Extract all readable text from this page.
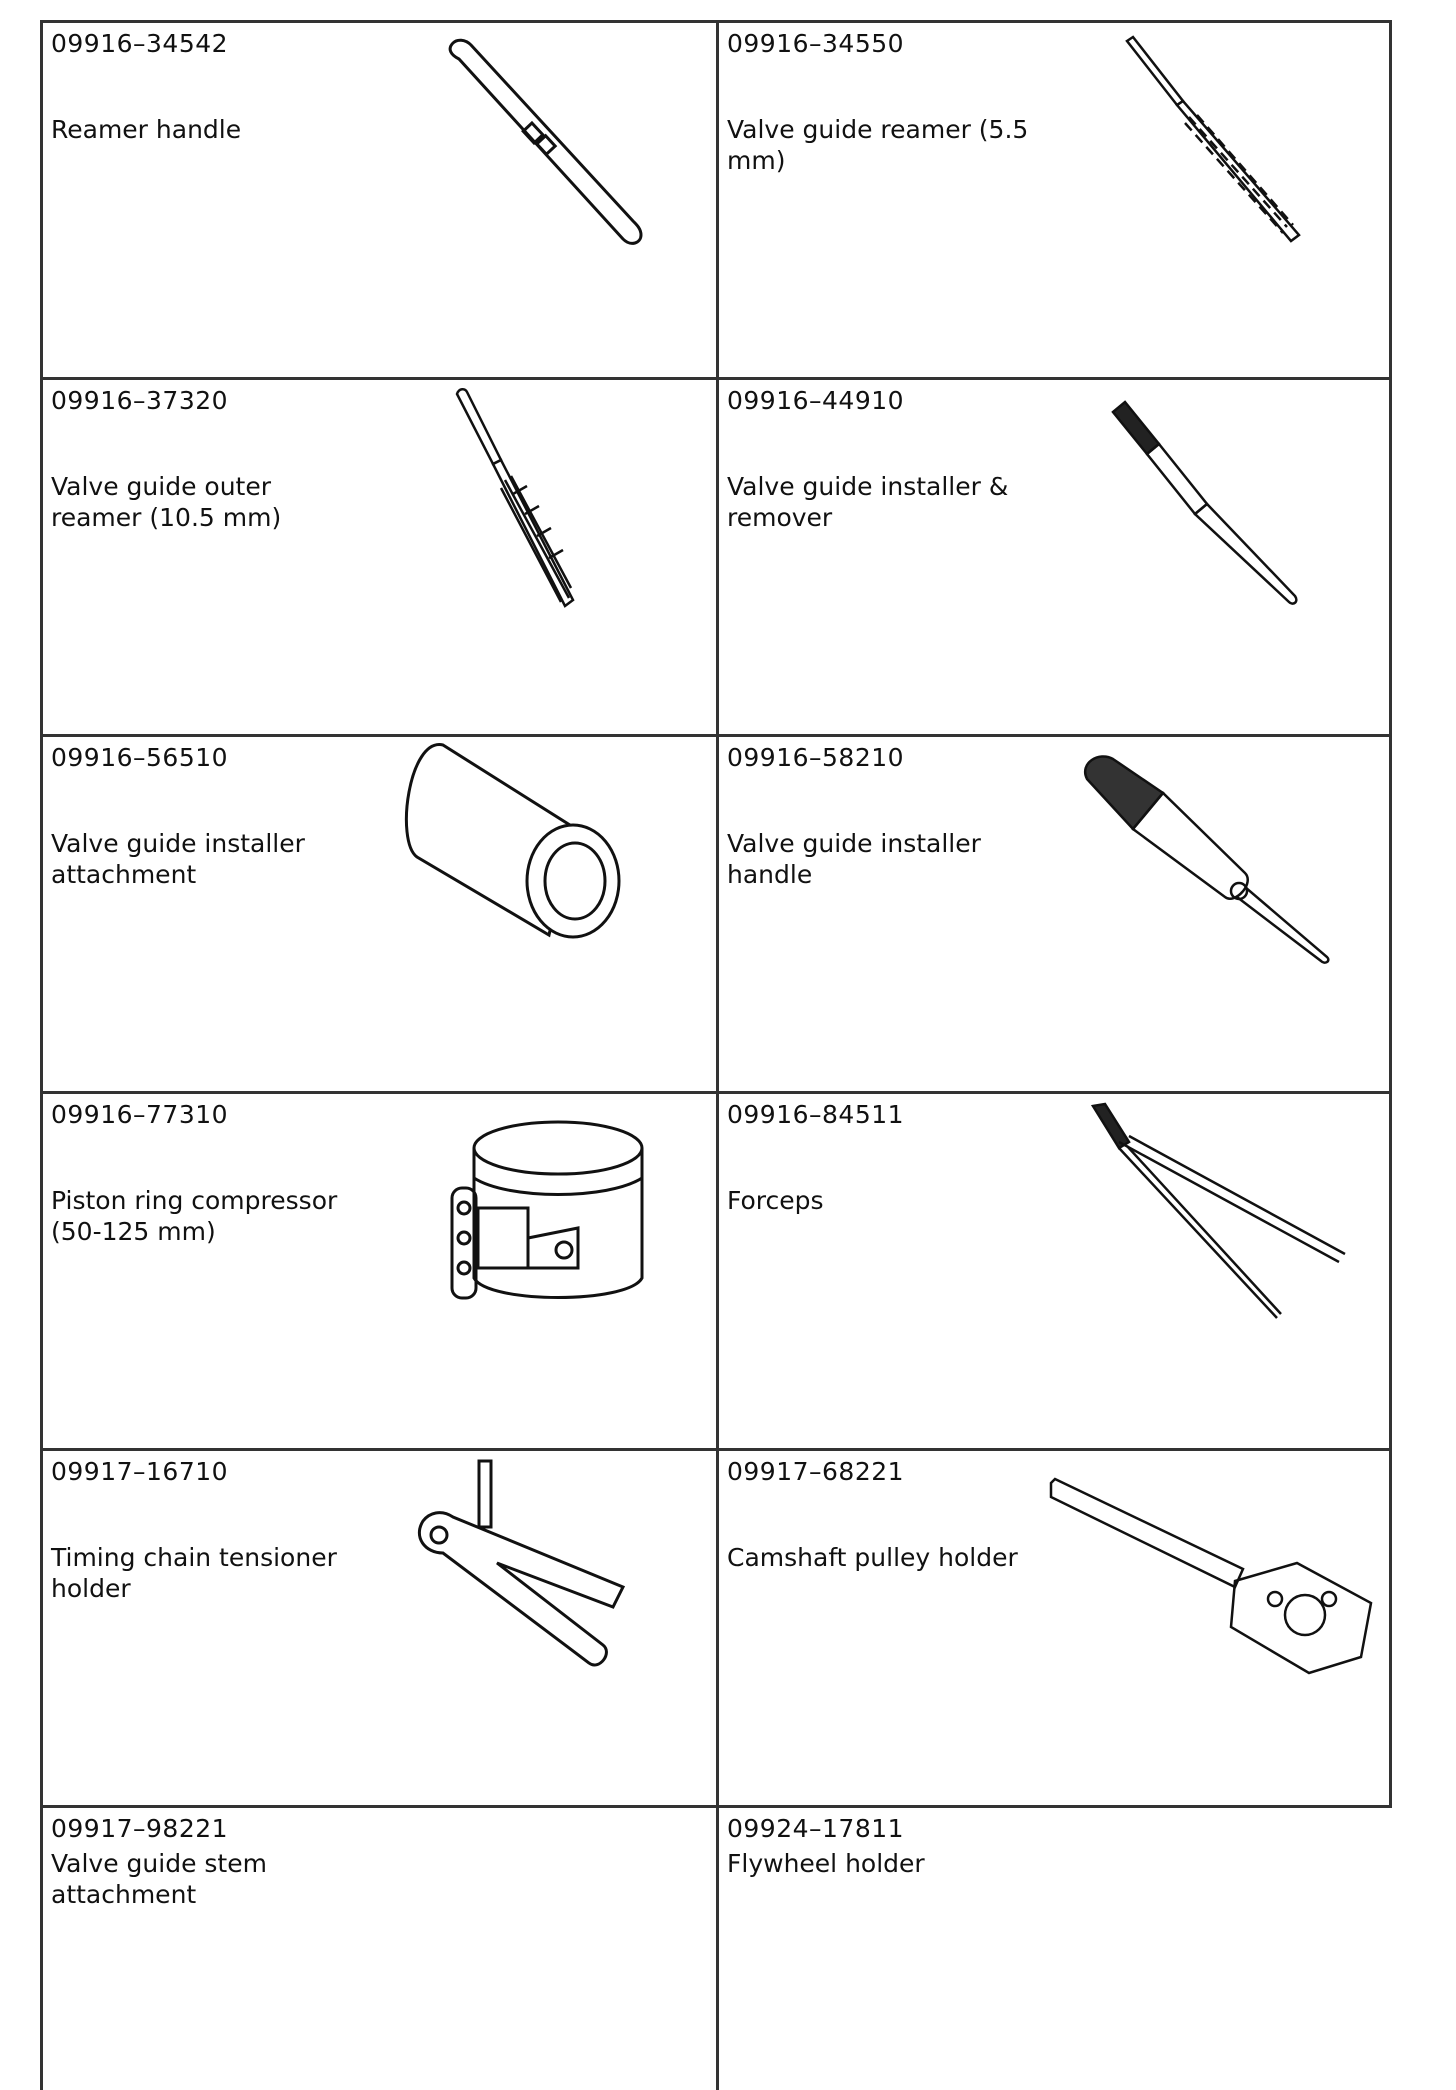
09916–34542
Reamer handle
09916–34550
Valve guide reamer (5.5 mm)
09916–37320
Valve guide outer reamer (10.5 mm)
09916–44910
Valve guide installer & remover
09916–56510
Valve guide installer attachment
09916–58210
Valve guide installer handle
09916–77310
Piston ring compressor (50-125 mm)
09916–84511
Forceps
09917–16710
Timing chain tensioner holder
09917–68221
Camshaft pulley holder
09917–98221
Valve guide stem attachment
09924–17811
Flywheel holder
